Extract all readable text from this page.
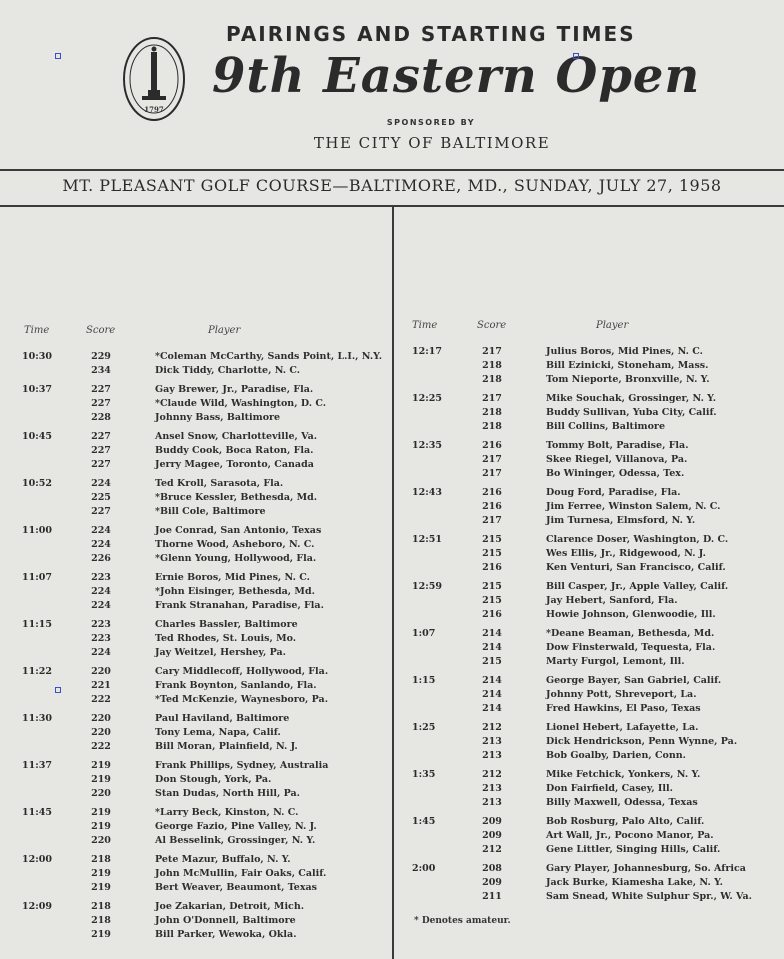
PAIRINGS AND STARTING TIMES
1797
9th Eastern Open
SPONSORED BY
THE CITY OF BALTIMORE
MT. PLEASANT GOLF COURSE—BALTIMORE, MD., SUNDAY, JULY 27, 1958
Time	Score	Player
10:30	229	*Coleman McCarthy, Sands Point, L.I., N.Y.
234	Dick Tiddy, Charlotte, N. C.
10:37	227	Gay Brewer, Jr., Paradise, Fla.
227	*Claude Wild, Washington, D. C.
228	Johnny Bass, Baltimore
10:45	227	Ansel Snow, Charlotteville, Va.
227	Buddy Cook, Boca Raton, Fla.
227	Jerry Magee, Toronto, Canada
10:52	224	Ted Kroll, Sarasota, Fla.
225	*Bruce Kessler, Bethesda, Md.
227	*Bill Cole, Baltimore
11:00	224	Joe Conrad, San Antonio, Texas
224	Thorne Wood, Asheboro, N. C.
226	*Glenn Young, Hollywood, Fla.
11:07	223	Ernie Boros, Mid Pines, N. C.
224	*John Eisinger, Bethesda, Md.
224	Frank Stranahan, Paradise, Fla.
11:15	223	Charles Bassler, Baltimore
223	Ted Rhodes, St. Louis, Mo.
224	Jay Weitzel, Hershey, Pa.
11:22	220	Cary Middlecoff, Hollywood, Fla.
221	Frank Boynton, Sanlando, Fla.
222	*Ted McKenzie, Waynesboro, Pa.
11:30	220	Paul Haviland, Baltimore
220	Tony Lema, Napa, Calif.
222	Bill Moran, Plainfield, N. J.
11:37	219	Frank Phillips, Sydney, Australia
219	Don Stough, York, Pa.
220	Stan Dudas, North Hill, Pa.
11:45	219	*Larry Beck, Kinston, N. C.
219	George Fazio, Pine Valley, N. J.
220	Al Besselink, Grossinger, N. Y.
12:00	218	Pete Mazur, Buffalo, N. Y.
219	John McMullin, Fair Oaks, Calif.
219	Bert Weaver, Beaumont, Texas
12:09	218	Joe Zakarian, Detroit, Mich.
218	John O'Donnell, Baltimore
219	Bill Parker, Wewoka, Okla.
Time	Score	Player
12:17	217	Julius Boros, Mid Pines, N. C.
218	Bill Ezinicki, Stoneham, Mass.
218	Tom Nieporte, Bronxville, N. Y.
12:25	217	Mike Souchak, Grossinger, N. Y.
218	Buddy Sullivan, Yuba City, Calif.
218	Bill Collins, Baltimore
12:35	216	Tommy Bolt, Paradise, Fla.
217	Skee Riegel, Villanova, Pa.
217	Bo Wininger, Odessa, Tex.
12:43	216	Doug Ford, Paradise, Fla.
216	Jim Ferree, Winston Salem, N. C.
217	Jim Turnesa, Elmsford, N. Y.
12:51	215	Clarence Doser, Washington, D. C.
215	Wes Ellis, Jr., Ridgewood, N. J.
216	Ken Venturi, San Francisco, Calif.
12:59	215	Bill Casper, Jr., Apple Valley, Calif.
215	Jay Hebert, Sanford, Fla.
216	Howie Johnson, Glenwoodie, Ill.
1:07	214	*Deane Beaman, Bethesda, Md.
214	Dow Finsterwald, Tequesta, Fla.
215	Marty Furgol, Lemont, Ill.
1:15	214	George Bayer, San Gabriel, Calif.
214	Johnny Pott, Shreveport, La.
214	Fred Hawkins, El Paso, Texas
1:25	212	Lionel Hebert, Lafayette, La.
213	Dick Hendrickson, Penn Wynne, Pa.
213	Bob Goalby, Darien, Conn.
1:35	212	Mike Fetchick, Yonkers, N. Y.
213	Don Fairfield, Casey, Ill.
213	Billy Maxwell, Odessa, Texas
1:45	209	Bob Rosburg, Palo Alto, Calif.
209	Art Wall, Jr., Pocono Manor, Pa.
212	Gene Littler, Singing Hills, Calif.
2:00	208	Gary Player, Johannesburg, So. Africa
209	Jack Burke, Kiamesha Lake, N. Y.
211	Sam Snead, White Sulphur Spr., W. Va.
* Denotes amateur.
